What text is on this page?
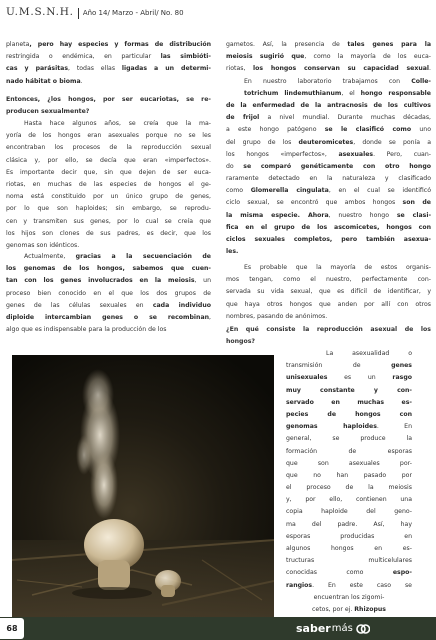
U.M.S.N.H. Año 14/ Marzo - Abril/ No. 80
planeta, pero hay especies y formas de distribución
restringida o endémica, en particular las simbióti-
cas y parásitas, todas ellas ligadas a un determi-
nado hábitat o bioma.
Entonces, ¿los hongos, por ser eucariotas, se re-
producen sexualmente?
Hasta hace algunos años, se creía que la ma-
yoría de los hongos eran asexuales porque no se les
encontraban los procesos de la reproducción sexual
clásica y, por ello, se decía que eran «imperfectos».
Es importante decir que, sin que dejen de ser euca-
riotas, en muchas de las especies de hongos el ge-
noma está constituido por un único grupo de genes,
por lo que son haploides; sin embargo, se reprodu-
cen y transmiten sus genes, por lo cual se creía que
los hijos son clones de sus padres, es decir, que los
genomas son idénticos.
Actualmente, gracias a la secuenciación de
los genomas de los hongos, sabemos que cuen-
tan con los genes involucrados en la meiosis, un
proceso bien conocido en el que los dos grupos de
genes de las células sexuales en cada individuo
diploide intercambian genes o se recombinan,
algo que es indispensable para la producción de los
gametos. Así, la presencia de tales genes para la
meiosis sugirió que, como la mayoría de los euca-
riotas, los hongos conservan su capacidad sexual.
En nuestro laboratorio trabajamos con Colle-
totrichum lindemuthianum, el hongo responsable
de la enfermedad de la antracnosis de los cultivos
de frijol a nivel mundial. Durante muchas décadas,
a este hongo patógeno se le clasificó como uno
del grupo de los deuteromicetes, donde se ponía a
los hongos «imperfectos», asexuales. Pero, cuan-
do se comparó genéticamente con otro hongo
raramente detectado en la naturaleza y clasificado
como Glomerella cingulata, en el cual se identificó
ciclo sexual, se encontró que ambos hongos son de
la misma especie. Ahora, nuestro hongo se clasi-
fica en el grupo de los ascomicetes, hongos con
ciclos sexuales completos, pero también asexua-
les.
Es probable que la mayoría de estos organis-
mos tengan, como el nuestro, perfectamente con-
servada su vida sexual, que es difícil de identificar, y
que haya otros hongos que anden por allí con otros
nombres, pasando de anónimos.
¿En qué consiste la reproducción asexual de los
hongos?
La asexualidad o
transmisión de genes
unisexuales es un rasgo
muy constante y con-
servado en muchas es-
pecies de hongos con
genomas haploides. En
general, se produce la
formación de esporas
que son asexuales por-
que no han pasado por
el proceso de la meiosis
y, por ello, contienen una
copia haploide del geno-
ma del padre. Así, hay
esporas producidas en
algunos hongos en es-
tructuras multicelulares
conocidas como espo-
rangios. En este caso se
encuentran los zigomi-
cetos, por ej. Rhizopus
68	saber más
